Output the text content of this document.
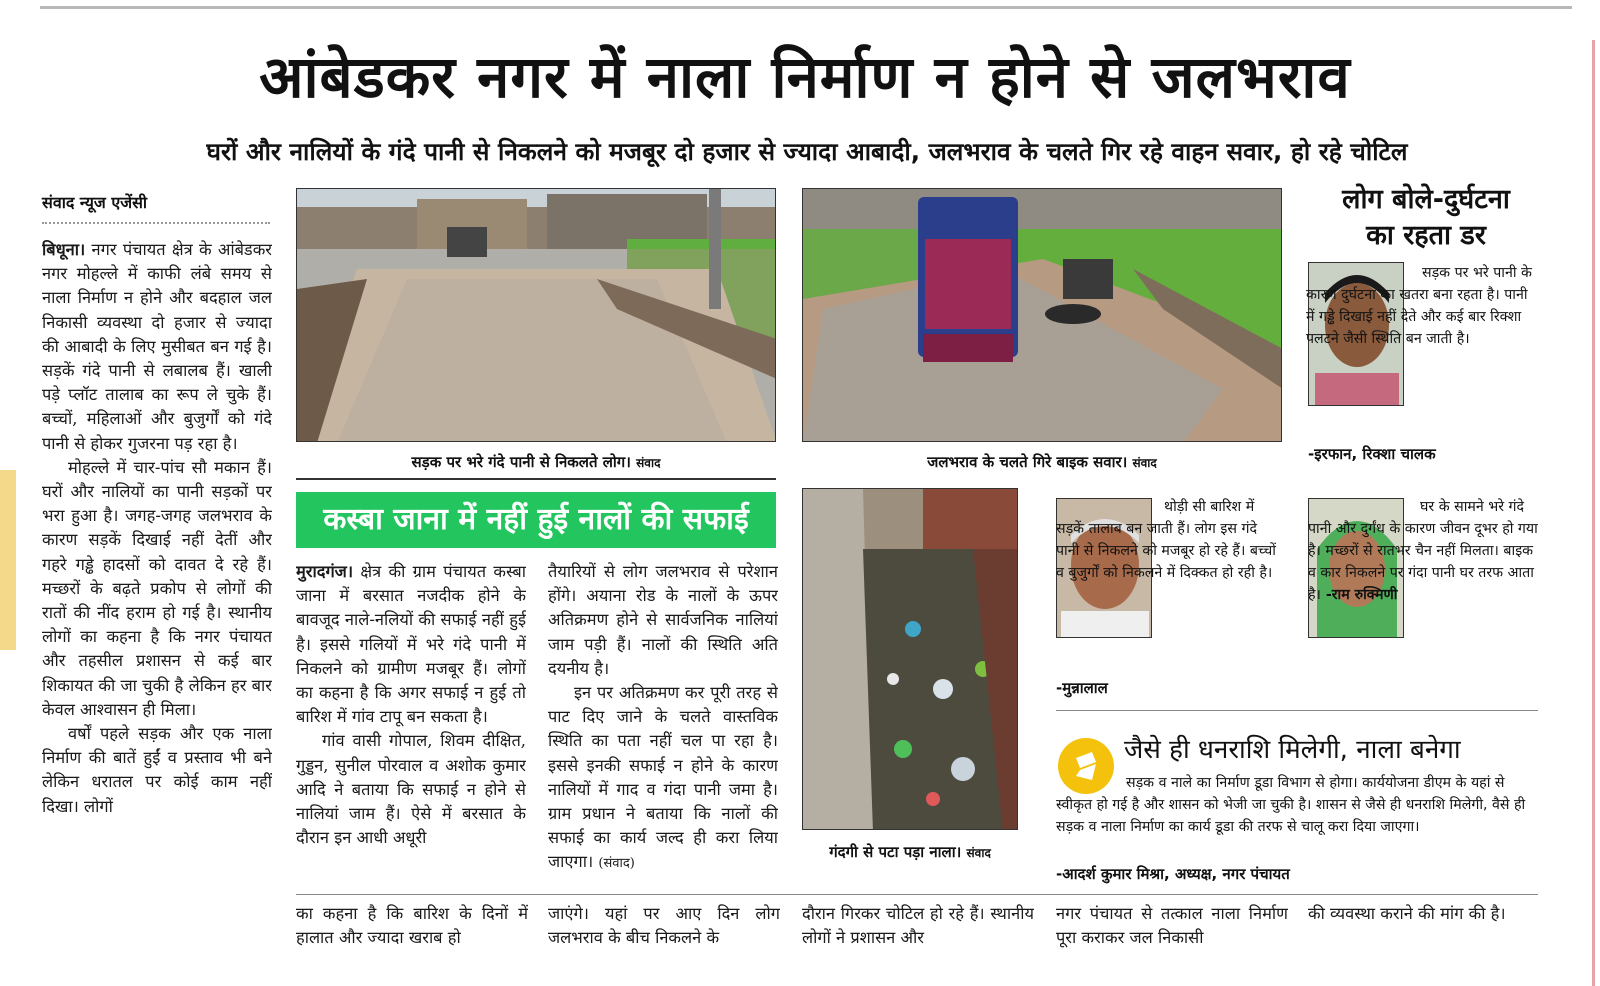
आंबेडकर नगर में नाला निर्माण न होने से जलभराव
घरों और नालियों के गंदे पानी से निकलने को मजबूर दो हजार से ज्यादा आबादी, जलभराव के चलते गिर रहे वाहन सवार, हो रहे चोटिल
संवाद न्यूज एजेंसी

बिधूना। नगर पंचायत क्षेत्र के आंबेडकर नगर मोहल्ले में काफी लंबे समय से नाला निर्माण न होने और बदहाल जल निकासी व्यवस्था दो हजार से ज्यादा की आबादी के लिए मुसीबत बन गई है। सड़कें गंदे पानी से लबालब हैं। खाली पड़े प्लॉट तालाब का रूप ले चुके हैं। बच्चों, महिलाओं और बुजुर्गों को गंदे पानी से होकर गुजरना पड़ रहा है।

मोहल्ले में चार-पांच सौ मकान हैं। घरों और नालियों का पानी सड़कों पर भरा हुआ है। जगह-जगह जलभराव के कारण सड़कें दिखाई नहीं देतीं और गहरे गड्ढे हादसों को दावत दे रहे हैं। मच्छरों के बढ़ते प्रकोप से लोगों की रातों की नींद हराम हो गई है। स्थानीय लोगों का कहना है कि नगर पंचायत और तहसील प्रशासन से कई बार शिकायत की जा चुकी है लेकिन हर बार केवल आश्वासन ही मिला।

वर्षों पहले सड़क और एक नाला निर्माण की बातें हुईं व प्रस्ताव भी बने लेकिन धरातल पर कोई काम नहीं दिखा। लोगों

सड़क पर भरे गंदे पानी से निकलते लोग। संवाद	जलभराव के चलते गिरे बाइक सवार। संवाद
कस्बा जाना में नहीं हुई नालों की सफाई

मुरादगंज। क्षेत्र की ग्राम पंचायत कस्बा जाना में बरसात नजदीक होने के बावजूद नाले-नलियों की सफाई नहीं हुई है। इससे गलियों में भरे गंदे पानी में निकलने को ग्रामीण मजबूर हैं। लोगों का कहना है कि अगर सफाई न हुई तो बारिश में गांव टापू बन सकता है।

गांव वासी गोपाल, शिवम दीक्षित, गुड्डन, सुनील पोरवाल व अशोक कुमार आदि ने बताया कि सफाई न होने से नालियां जाम हैं। ऐसे में बरसात के दौरान इन आधी अधूरी

तैयारियों से लोग जलभराव से परेशान होंगे। अयाना रोड के नालों के ऊपर अतिक्रमण होने से सार्वजनिक नालियां जाम पड़ी हैं। नालों की स्थिति अति दयनीय है।

इन पर अतिक्रमण कर पूरी तरह से पाट दिए जाने के चलते वास्तविक स्थिति का पता नहीं चल पा रहा है। इससे इनकी सफाई न होने के कारण नालियों में गाद व गंदा पानी जमा है। ग्राम प्रधान ने बताया कि नालों की सफाई का कार्य जल्द ही करा लिया जाएगा। (संवाद)

गंदगी से पटा पड़ा नाला। संवाद
लोग बोले-दुर्घटना
का रहता डर
सड़क पर भरे पानी के कारण दुर्घटना का खतरा बना रहता है। पानी में गड्ढे दिखाई नहीं देते और कई बार रिक्शा पलटने जैसी स्थिति बन जाती है।
-इरफान, रिक्शा चालक
थोड़ी सी बारिश में सड़कें तालाब बन जाती हैं। लोग इस गंदे पानी से निकलने को मजबूर हो रहे हैं। बच्चों व बुजुर्गों को निकलने में दिक्कत हो रही है।
-मुन्नालाल
घर के सामने भरे गंदे पानी और दुर्गंध के कारण जीवन दूभर हो गया है। मच्छरों से रातभर चैन नहीं मिलता। बाइक व कार निकलने पर गंदा पानी घर तरफ आता है। -राम रुक्मिणी
जैसे ही धनराशि मिलेगी, नाला बनेगा
सड़क व नाले का निर्माण डूडा विभाग से होगा। कार्ययोजना डीएम के यहां से स्वीकृत हो गई है और शासन को भेजी जा चुकी है। शासन से जैसे ही धनराशि मिलेगी, वैसे ही सड़क व नाला निर्माण का कार्य डूडा की तरफ से चालू करा दिया जाएगा।
-आदर्श कुमार मिश्रा, अध्यक्ष, नगर पंचायत
का कहना है कि बारिश के दिनों में हालात और ज्यादा खराब हो
जाएंगे। यहां पर आए दिन लोग जलभराव के बीच निकलने के
दौरान गिरकर चोटिल हो रहे हैं। स्थानीय लोगों ने प्रशासन और
नगर पंचायत से तत्काल नाला निर्माण पूरा कराकर जल निकासी
की व्यवस्था कराने की मांग की है।
